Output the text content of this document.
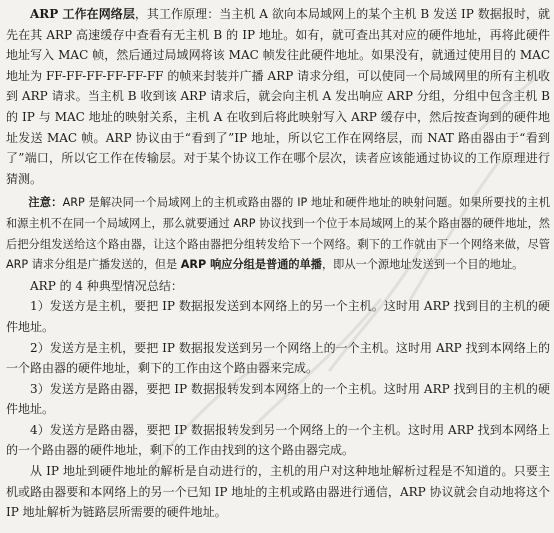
ARP 工作在网络层，其工作原理：当主机 A 欲向本局域网上的某个主机 B 发送 IP 数据报时，就先在其 ARP 高速缓存中查看有无主机 B 的 IP 地址。如有，就可查出其对应的硬件地址，再将此硬件地址写入 MAC 帧，然后通过局域网将该 MAC 帧发往此硬件地址。如果没有，就通过使用目的 MAC 地址为 FF-FF-FF-FF-FF-FF 的帧来封装并广播 ARP 请求分组，可以使同一个局域网里的所有主机收到 ARP 请求。当主机 B 收到该 ARP 请求后，就会向主机 A 发出响应 ARP 分组，分组中包含主机 B 的 IP 与 MAC 地址的映射关系，主机 A 在收到后将此映射写入 ARP 缓存中，然后按查询到的硬件地址发送 MAC 帧。ARP 协议由于“看到了”IP 地址，所以它工作在网络层，而 NAT 路由器由于“看到了”端口，所以它工作在传输层。对于某个协议工作在哪个层次，读者应该能通过协议的工作原理进行猜测。

注意：ARP 是解决同一个局域网上的主机或路由器的 IP 地址和硬件地址的映射问题。如果所要找的主机和源主机不在同一个局域网上，那么就要通过 ARP 协议找到一个位于本局域网上的某个路由器的硬件地址，然后把分组发送给这个路由器，让这个路由器把分组转发给下一个网络。剩下的工作就由下一个网络来做，尽管 ARP 请求分组是广播发送的，但是 ARP 响应分组是普通的单播，即从一个源地址发送到一个目的地址。

ARP 的 4 种典型情况总结：

1）发送方是主机，要把 IP 数据报发送到本网络上的另一个主机。这时用 ARP 找到目的主机的硬件地址。

2）发送方是主机，要把 IP 数据报发送到另一个网络上的一个主机。这时用 ARP 找到本网络上的一个路由器的硬件地址，剩下的工作由这个路由器来完成。

3）发送方是路由器，要把 IP 数据报转发到本网络上的一个主机。这时用 ARP 找到目的主机的硬件地址。

4）发送方是路由器，要把 IP 数据报转发到另一个网络上的一个主机。这时用 ARP 找到本网络上的一个路由器的硬件地址，剩下的工作由找到的这个路由器完成。

从 IP 地址到硬件地址的解析是自动进行的，主机的用户对这种地址解析过程是不知道的。只要主机或路由器要和本网络上的另一个已知 IP 地址的主机或路由器进行通信，ARP 协议就会自动地将这个 IP 地址解析为链路层所需要的硬件地址。
